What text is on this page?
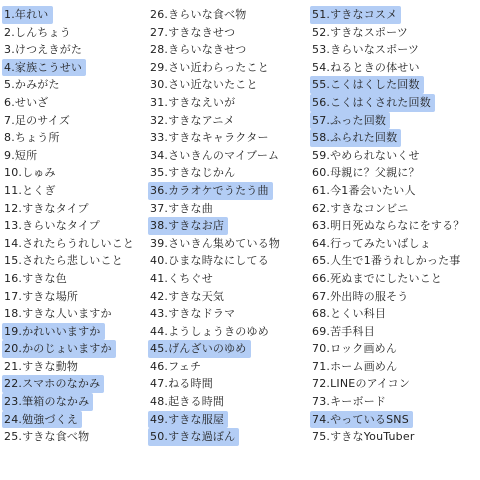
1.年れい
2.しんちょう
3.けつえきがた
4.家族こうせい
5.かみがた
6.せいざ
7.足のサイズ
8.ちょう所
9.短所
10.しゅみ
11.とくぎ
12.すきなタイプ
13.きらいなタイプ
14.されたらうれしいこと
15.されたら悲しいこと
16.すきな色
17.すきな場所
18.すきな人いますか
19.かれいいますか
20.かのじょいますか
21.すきな動物
22.スマホのなかみ
23.筆箱のなかみ
24.勉強づくえ
25.すきな食べ物
26.きらいな食べ物
27.すきなきせつ
28.きらいなきせつ
29.さい近わらったこと
30.さい近ないたこと
31.すきなえいが
32.すきなアニメ
33.すきなキャラクター
34.さいきんのマイブーム
35.すきなじかん
36.カラオケでうたう曲
37.すきな曲
38.すきなお店
39.さいきん集めている物
40.ひまな時なにしてる
41.くちぐせ
42.すきな天気
43.すきなドラマ
44.ようしょうきのゆめ
45.げんざいのゆめ
46.フェチ
47.ねる時間
48.起きる時間
49.すきな服屋
50.すきな過ぼん
51.すきなコスメ
52.すきなスポーツ
53.きらいなスポーツ
54.ねるときの体せい
55.こくはくした回数
56.こくはくされた回数
57.ふった回数
58.ふられた回数
59.やめられないくせ
60.母親に？父親に？
61.今1番会いたい人
62.すきなコンビニ
63.明日死ぬならなにをする？
64.行ってみたいばしょ
65.人生で1番うれしかった事
66.死ぬまでにしたいこと
67.外出時の服そう
68.とくい科目
69.苦手科目
70.ロック画めん
71.ホーム画めん
72.LINEのアイコン
73.キーボード
74.やっているSNS
75.すきなYouTuber
